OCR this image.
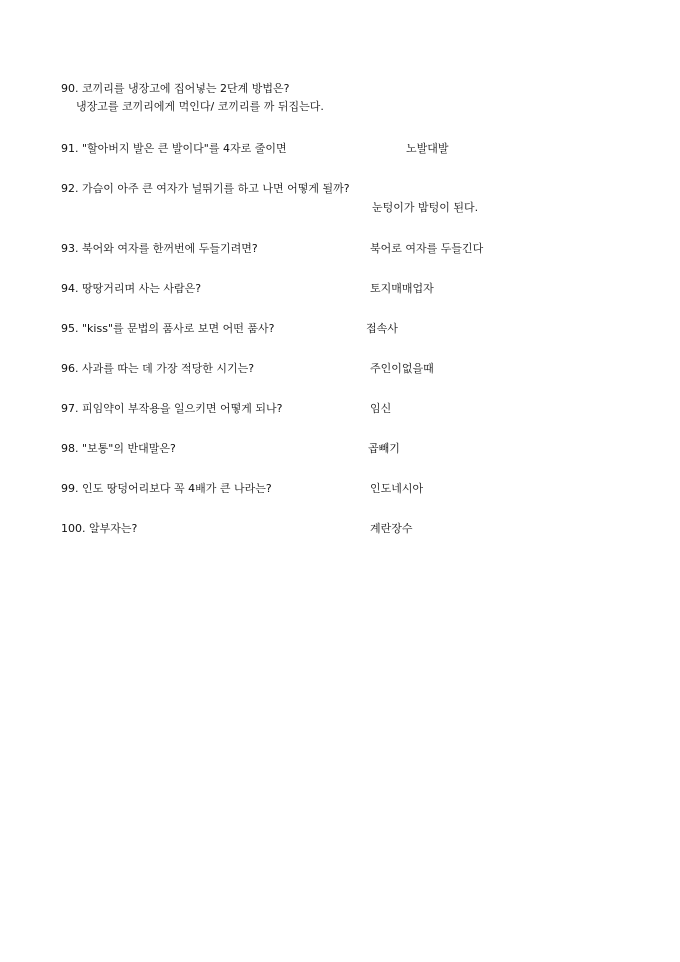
90. 코끼리를 냉장고에 집어넣는 2단계 방법은?
냉장고를 코끼리에게 먹인다/ 코끼리를 까 뒤집는다.
91. "할아버지 발은 큰 발이다"를 4자로 줄이면	노발대발
92. 가슴이 아주 큰 여자가 널뛰기를 하고 나면 어떻게 될까?
눈텅이가 밤텅이 된다.
93. 북어와 여자를 한꺼번에 두들기려면?	북어로 여자를 두들긴다
94. 땅땅거리며 사는 사람은?	토지매매업자
95. "kiss"를 문법의 품사로 보면 어떤 품사?	접속사
96. 사과를 따는 데 가장 적당한 시기는?	주인이없을때
97. 피임약이 부작용을 일으키면 어떻게 되나?	임신
98. "보통"의 반대말은?	곱빼기
99. 인도 땅덩어리보다 꼭 4배가 큰 나라는?	인도네시아
100. 알부자는?	계란장수
